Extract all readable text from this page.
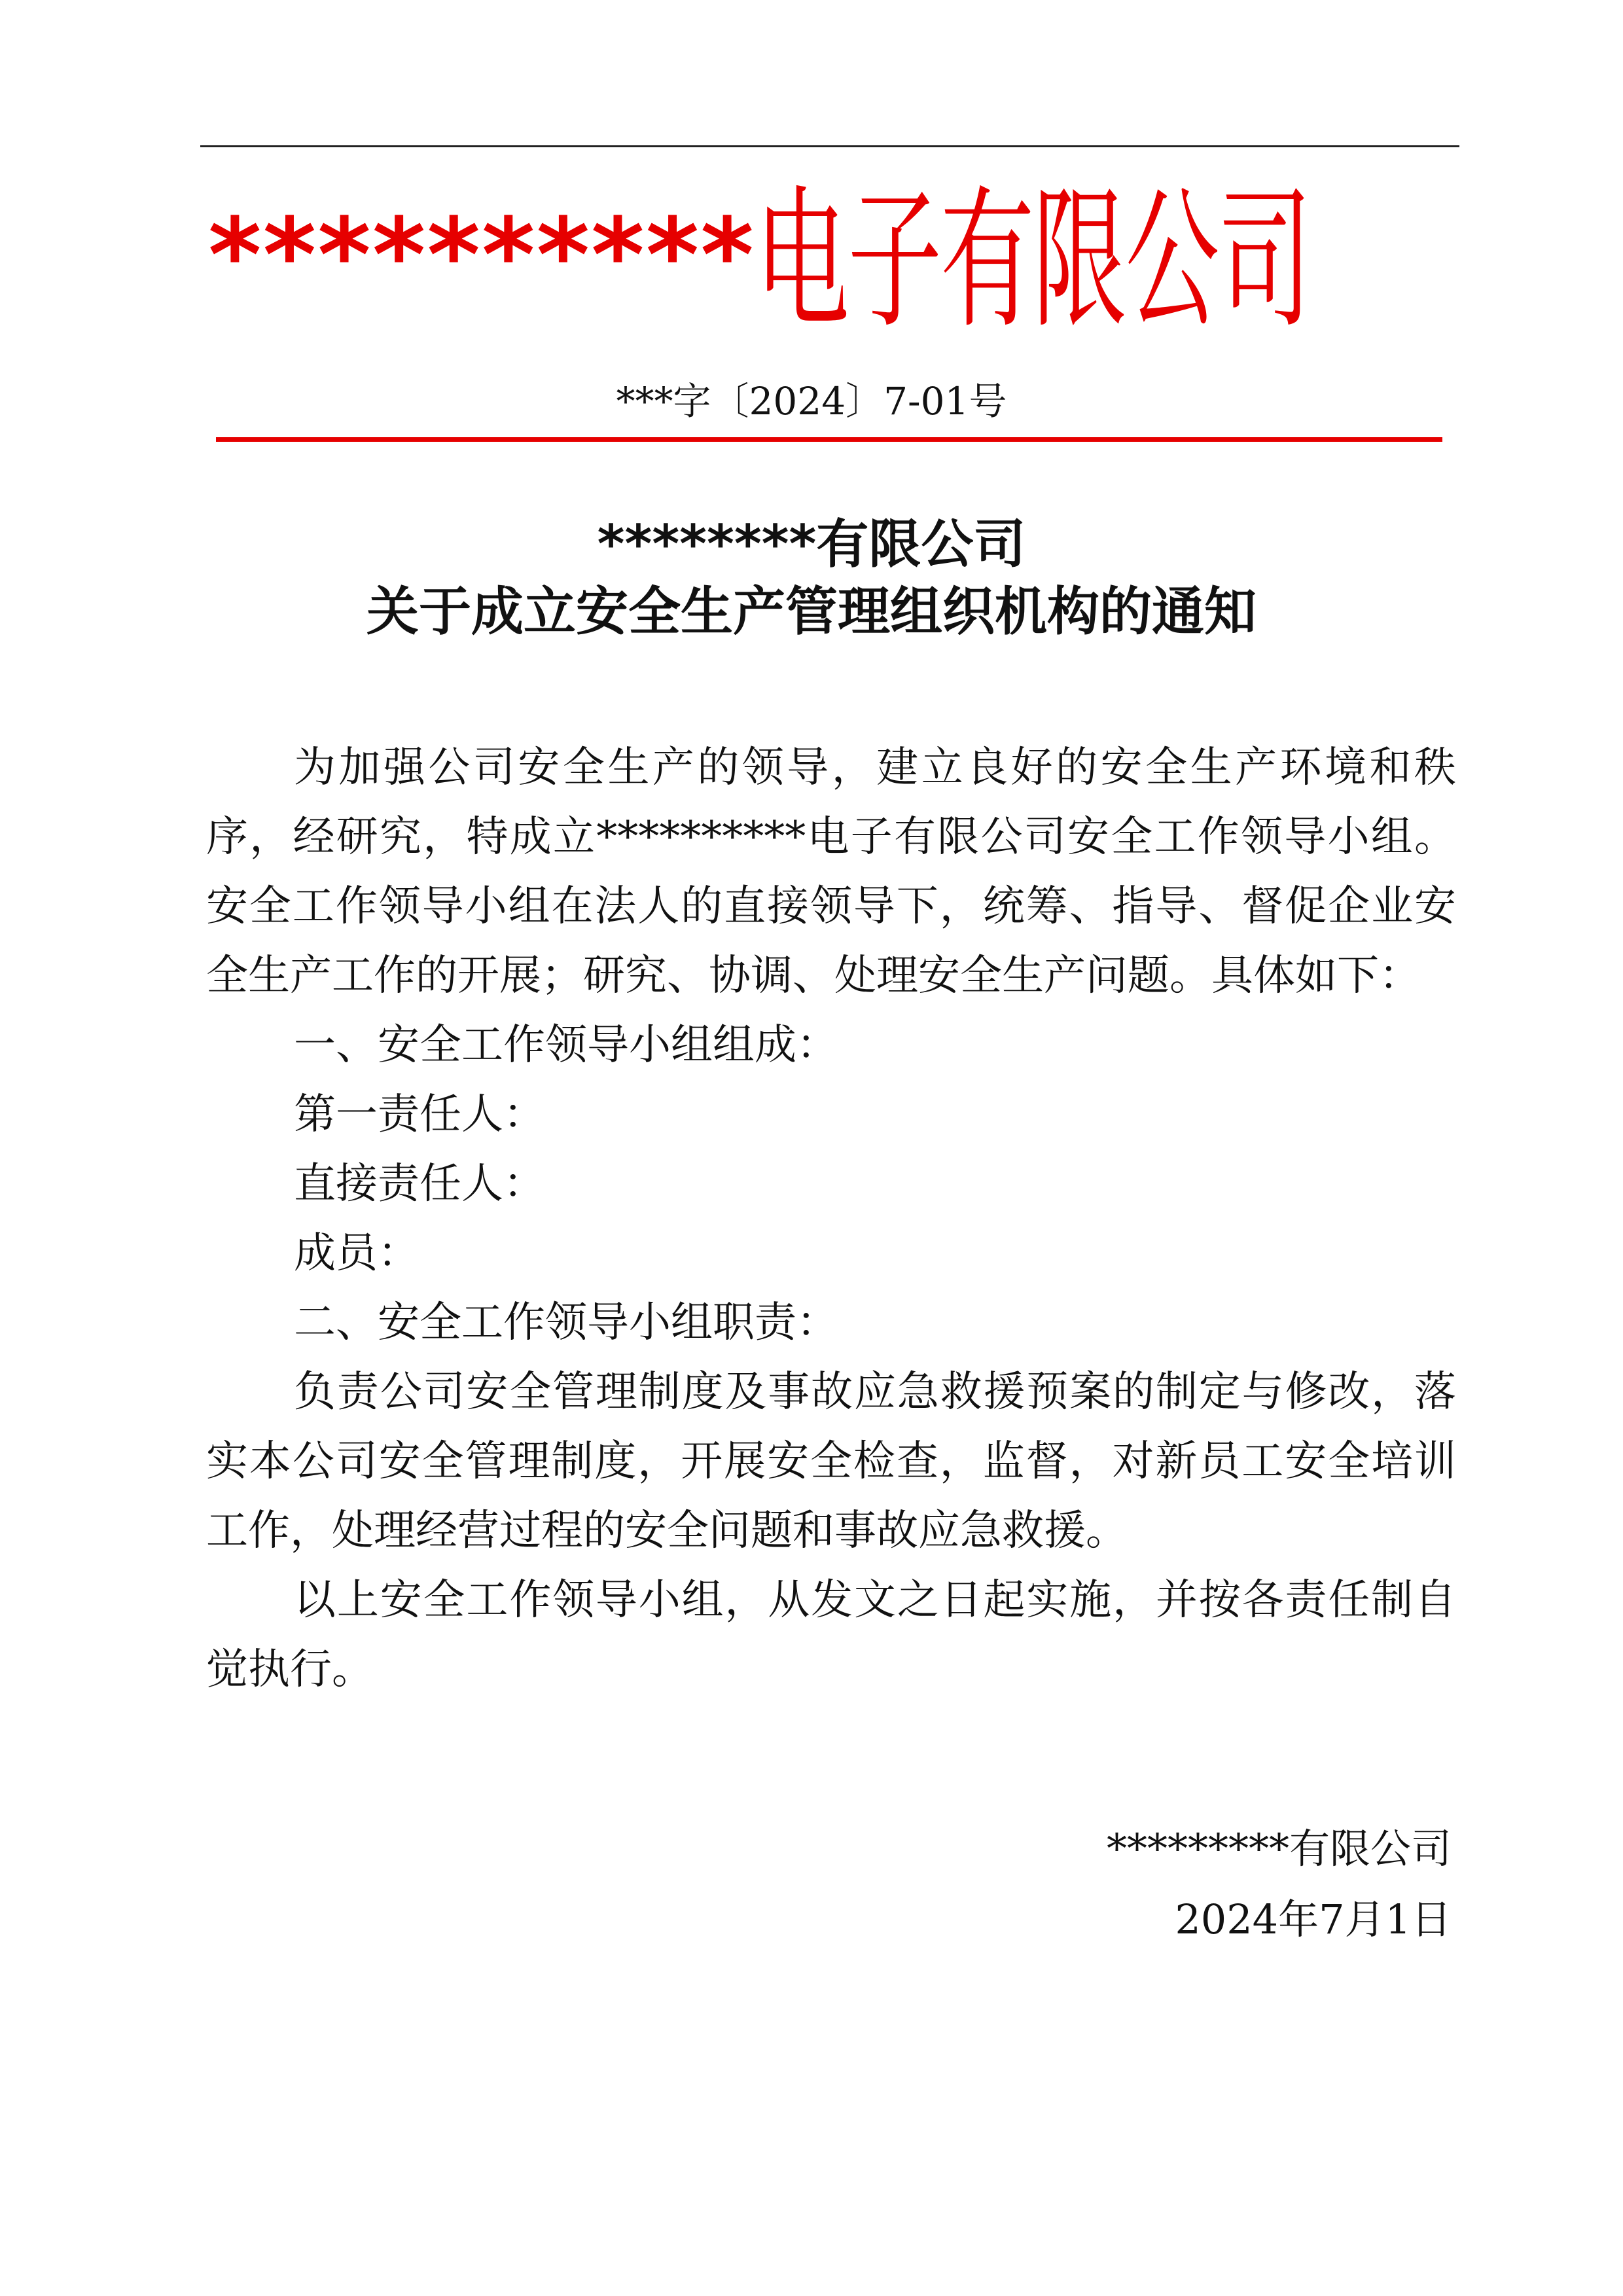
**********电子有限公司
***字〔2024〕7-01号
********有限公司
关于成立安全生产管理组织机构的通知

为加强公司安全生产的领导，建立良好的安全生产环境和秩序，经研究，特成立**********电子有限公司安全工作领导小组。安全工作领导小组在法人的直接领导下，统筹、指导、督促企业安全生产工作的开展；研究、协调、处理安全生产问题。具体如下：

一、安全工作领导小组组成：

第一责任人：

直接责任人：

成员：

二、安全工作领导小组职责：

负责公司安全管理制度及事故应急救援预案的制定与修改，落实本公司安全管理制度，开展安全检查，监督，对新员工安全培训工作，处理经营过程的安全问题和事故应急救援。

以上安全工作领导小组，从发文之日起实施，并按各责任制自觉执行。

*********有限公司
2024年7月1日
